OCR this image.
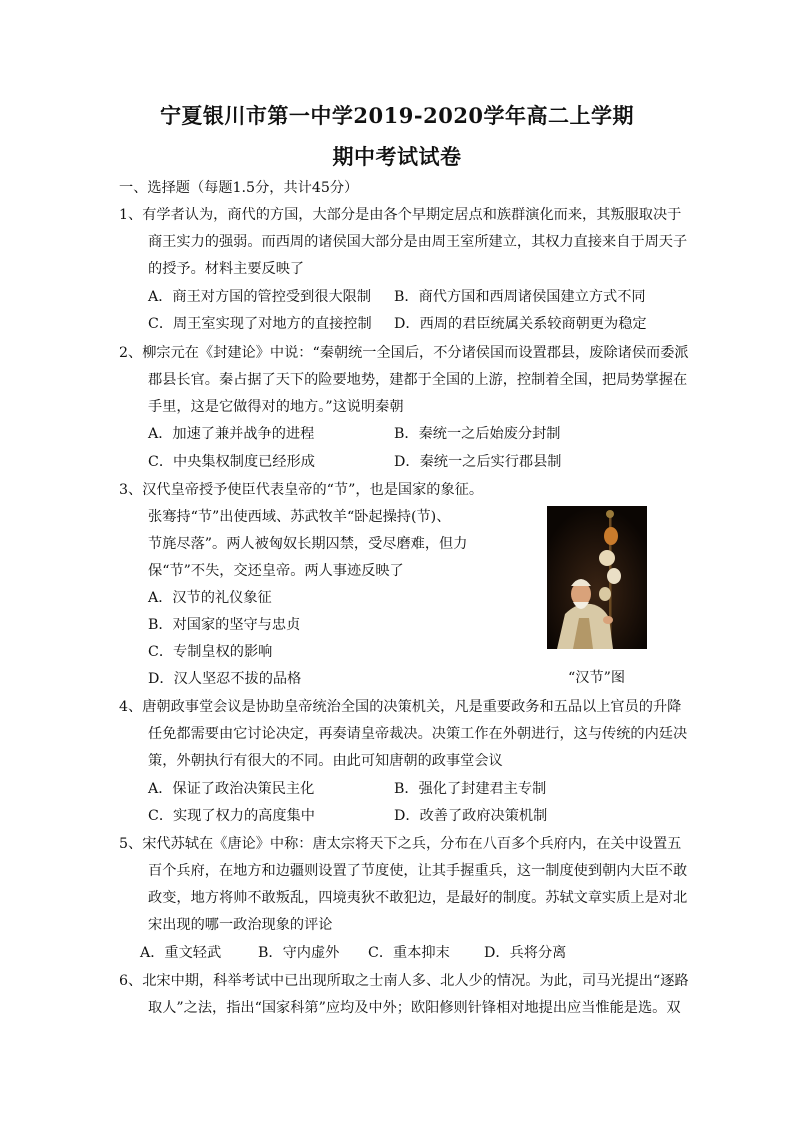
宁夏银川市第一中学2019-2020学年高二上学期
期中考试试卷
一、选择题（每题1.5分，共计45分）
1、有学者认为，商代的方国，大部分是由各个早期定居点和族群演化而来，其叛服取决于
商王实力的强弱。而西周的诸侯国大部分是由周王室所建立，其权力直接来自于周天子
的授予。材料主要反映了
A．商王对方国的管控受到很大限制 B．商代方国和西周诸侯国建立方式不同
C．周王室实现了对地方的直接控制 D．西周的君臣统属关系较商朝更为稳定
2、柳宗元在《封建论》中说：“秦朝统一全国后，不分诸侯国而设置郡县，废除诸侯而委派
郡县长官。秦占据了天下的险要地势，建都于全国的上游，控制着全国，把局势掌握在
手里，这是它做得对的地方。”这说明秦朝
A．加速了兼并战争的进程	B．秦统一之后始废分封制
C．中央集权制度已经形成	D．秦统一之后实行郡县制
3、汉代皇帝授予使臣代表皇帝的“节”，也是国家的象征。
张骞持“节”出使西域、苏武牧羊“卧起操持(节)、
节旄尽落”。两人被匈奴长期囚禁，受尽磨难，但力
保“节”不失，交还皇帝。两人事迹反映了
A．汉节的礼仪象征
B．对国家的坚守与忠贞
C．专制皇权的影响
D．汉人坚忍不拔的品格	“汉节”图
4、唐朝政事堂会议是协助皇帝统治全国的决策机关，凡是重要政务和五品以上官员的升降
任免都需要由它讨论决定，再奏请皇帝裁决。决策工作在外朝进行，这与传统的内廷决
策，外朝执行有很大的不同。由此可知唐朝的政事堂会议
A．保证了政治决策民主化	B．强化了封建君主专制
C．实现了权力的高度集中	D．改善了政府决策机制
5、宋代苏轼在《唐论》中称：唐太宗将天下之兵，分布在八百多个兵府内，在关中设置五
百个兵府，在地方和边疆则设置了节度使，让其手握重兵，这一制度使到朝内大臣不敢
政变，地方将帅不敢叛乱，四境夷狄不敢犯边，是最好的制度。苏轼文章实质上是对北
宋出现的哪一政治现象的评论
A．重文轻武	B．守内虚外 C．重本抑末 D．兵将分离
6、北宋中期，科举考试中已出现所取之士南人多、北人少的情况。为此，司马光提出“逐路
取人”之法，指出“国家科第”应均及中外；欧阳修则针锋相对地提出应当惟能是选。双
